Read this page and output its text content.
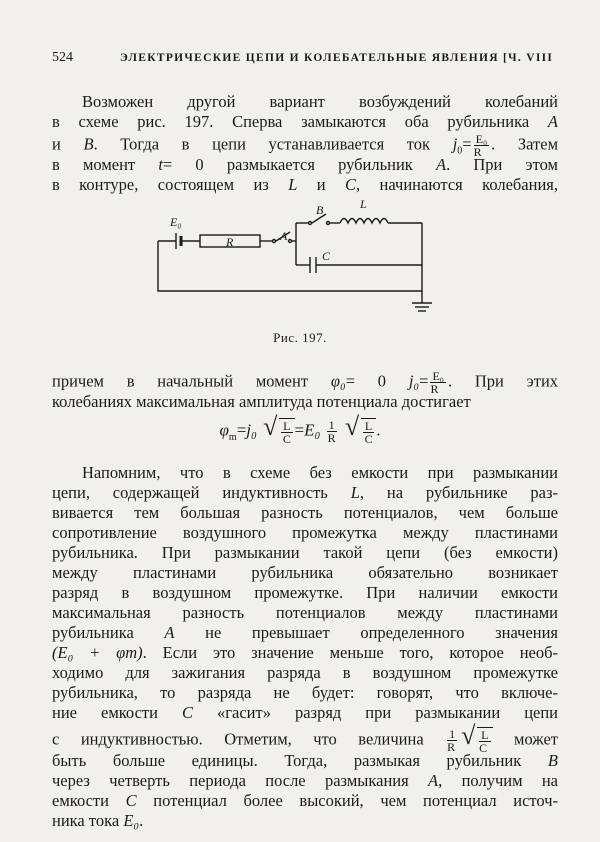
524	ЭЛЕКТРИЧЕСКИЕ ЦЕПИ И КОЛЕБАТЕЛЬНЫЕ ЯВЛЕНИЯ [Ч. VIII
Возможен другой вариант возбуждений колебаний
в схеме рис. 197. Сперва замыкаются оба рубильника A
и B. Тогда в цепи устанавливается ток $j_0= \frac{\text{E₀}}{R}$ . Затем
в момент t= 0 размыкается рубильник A. При этом
в контуре, состоящем из L и C, начинаются колебания,
E₀
R	A
B	L
C
Рис. 197.
причем в начальный момент φ₀= 0 $j_0= \frac{\text{E₀}}{R}$ . При этих
колебаниях максимальная амплитуда потенциала достигает
$\varphi_m=j_0$ √ $\frac{L}{C} =E_0 \frac{1}{R}$
√ $\frac{L}{C}$ .
Напомним, что в схеме без емкости при размыкании
цепи, содержащей индуктивность L, на рубильнике раз-
вивается тем большая разность потенциалов, чем больше
сопротивление воздушного промежутка между пластинами
рубильника. При размыкании такой цепи (без емкости)
между пластинами рубильника обязательно возникает
разряд в воздушном промежутке. При наличии емкости
максимальная разность потенциалов между пластинами
рубильника A не превышает определенного значения
(E₀ + φm). Если это значение меньше того, которое необ-
ходимо для зажигания разряда в воздушном промежутке
рубильника, то разряда не будет: говорят, что включе-
ние емкости C «гасит» разряд при размыкании цепи
с индуктивностью. Отметим, что величина $\frac{1}{R}$ √ $\frac{L}{C}$ может
быть больше единицы. Тогда, размыкая рубильник B
через четверть периода после размыкания A, получим на
емкости C потенциал более высокий, чем потенциал источ-
ника тока E₀.
